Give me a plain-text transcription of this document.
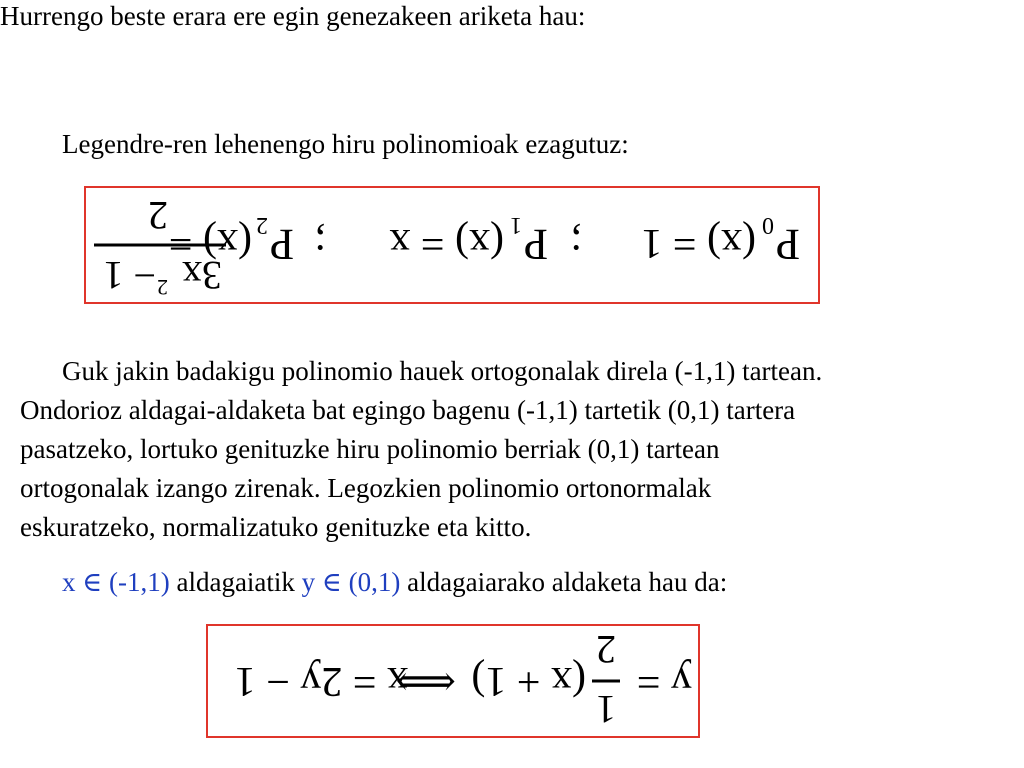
Hurrengo beste erara ere egin genezakeen ariketa hau:
Legendre-ren lehenengo hiru polinomioak ezagutuz:
P
0
(x) = 1
;
P
1
(x) = x
;
P
2
(x) =
2
3x
2
− 1
Guk jakin badakigu polinomio hauek ortogonalak direla (-1,1) tartean.
Ondorioz aldagai-aldaketa bat egingo bagenu (-1,1) tartetik (0,1) tartera
pasatzeko, lortuko genituzke hiru polinomio berriak (0,1) tartean
ortogonalak izango zirenak. Legozkien polinomio ortonormalak
eskuratzeko, normalizatuko genituzke eta kitto.
x ∈ (-1,1) aldagaiatik y ∈ (0,1) aldagaiarako aldaketa hau da:
y =
2
1
(x + 1)
⟺
x = 2y − 1
